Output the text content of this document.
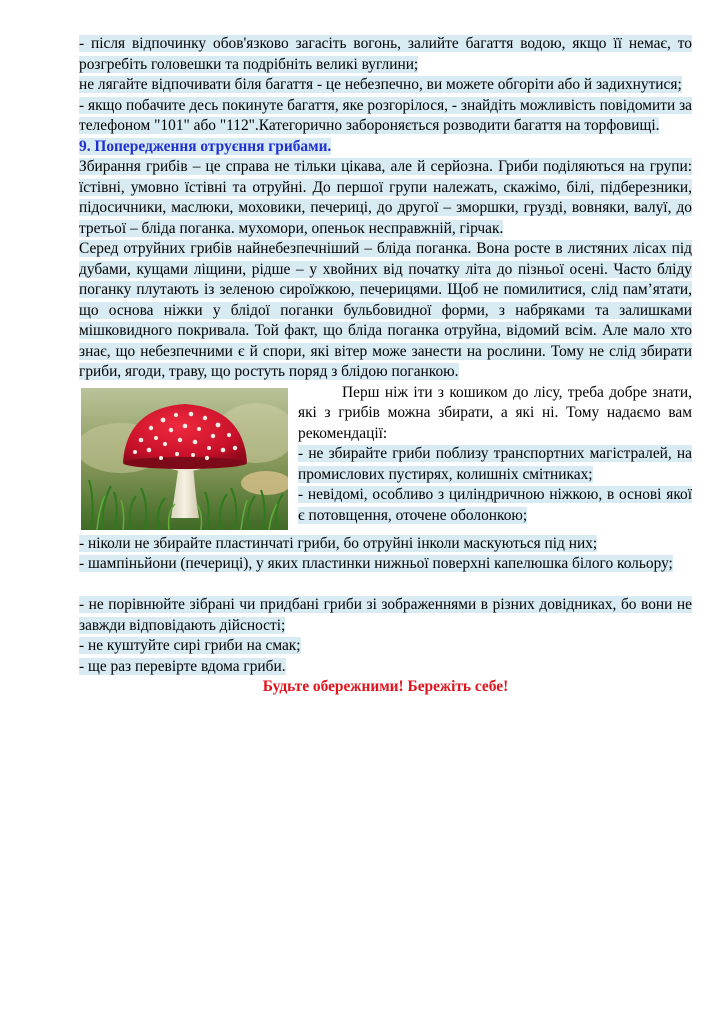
- після відпочинку обов'язково загасіть вогонь, залийте багаття водою, якщо її немає, то розгребіть головешки та подрібніть великі вуглини;

не лягайте відпочивати біля багаття - це небезпечно, ви можете обгоріти або й задихнутися;

- якщо побачите десь покинуте багаття, яке розгорілося, - знайдіть можливість повідомити за телефоном "101" або "112".Категорично забороняється розводити багаття на торфовищі.

9. Попередження отруєння грибами.

Збирання грибів – це справа не тільки цікава, але й серйозна. Гриби поділяються на групи: їстівні, умовно їстівні та отруйні. До першої групи належать, скажімо, білі, підберезники, підосичники, маслюки, моховики, печериці, до другої – зморшки, грузді, вовняки, валуї, до третьої – бліда поганка. мухомори, опеньок несправжній, гірчак.

Серед отруйних грибів найнебезпечніший – бліда поганка. Вона росте в листяних лісах під дубами, кущами ліщини, рідше – у хвойних від початку літа до пізньої осені. Часто бліду поганку плутають із зеленою сироїжкою, печерицями. Щоб не помилитися, слід пам’ятати, що основа ніжки у блідої поганки бульбовидної форми, з набряками та залишками мішковидного покривала. Той факт, що бліда поганка отруйна, відомий всім. Але мало хто знає, що небезпечними є й спори, які вітер може занести на рослини. Тому не слід збирати гриби, ягоди, траву, що ростуть поряд з блідою поганкою.

Перш ніж іти з кошиком до лісу, треба добре знати, які з грибів можна збирати, а які ні. Тому надаємо вам рекомендації:

- не збирайте гриби поблизу транспортних магістралей, на промислових пустирях, колишніх смітниках;

- невідомі, особливо з циліндричною ніжкою, в основі якої є потовщення, оточене оболонкою;

- ніколи не збирайте пластинчаті гриби, бо отруйні інколи маскуються під них;

- шампіньйони (печериці), у яких пластинки нижньої поверхні капелюшка білого кольору;

- не порівнюйте зібрані чи придбані гриби зі зображеннями в різних довідниках, бо вони не завжди відповідають дійсності;

- не куштуйте сирі гриби на смак;

- ще раз перевірте вдома гриби.

Будьте обережними! Бережіть себе!
